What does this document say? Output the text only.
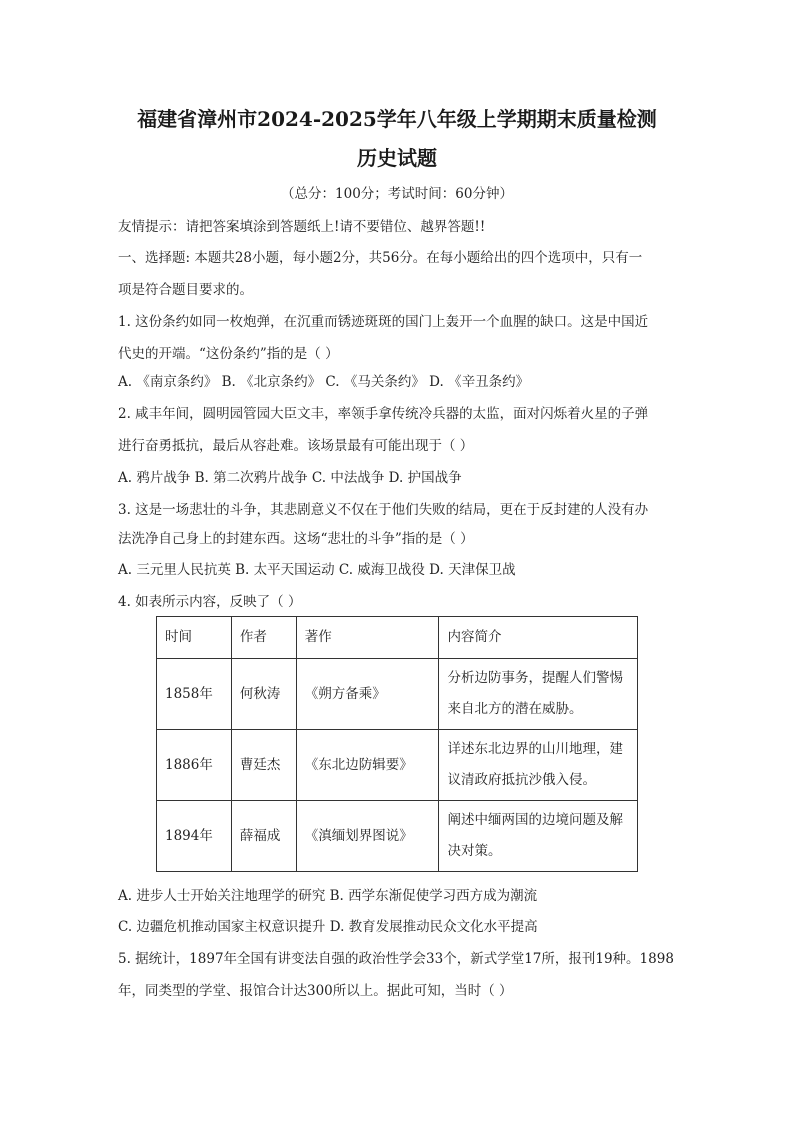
福建省漳州市2024-2025学年八年级上学期期末质量检测
历史试题
（总分：100分；考试时间：60分钟）
友情提示：请把答案填涂到答题纸上!请不要错位、越界答题!!
一、选择题: 本题共28小题，每小题2分，共56分。在每小题给出的四个选项中，只有一
项是符合题目要求的。
1. 这份条约如同一枚炮弹，在沉重而锈迹斑斑的国门上轰开一个血腥的缺口。这是中国近
代史的开端。“这份条约”指的是（ ）
A. 《南京条约》 B. 《北京条约》 C. 《马关条约》 D. 《辛丑条约》
2. 咸丰年间，圆明园管园大臣文丰，率领手拿传统冷兵器的太监，面对闪烁着火星的子弹
进行奋勇抵抗，最后从容赴难。该场景最有可能出现于（ ）
A. 鸦片战争 B. 第二次鸦片战争 C. 中法战争 D. 护国战争
3. 这是一场悲壮的斗争，其悲剧意义不仅在于他们失败的结局，更在于反封建的人没有办
法洗净自己身上的封建东西。这场“悲壮的斗争”指的是（ ）
A. 三元里人民抗英 B. 太平天国运动 C. 威海卫战役 D. 天津保卫战
4. 如表所示内容，反映了（ ）
时间	作者	著作	内容简介
1858年	何秋涛	《朔方备乘》	分析边防事务，提醒人们警惕来自北方的潜在威胁。
1886年	曹廷杰	《东北边防辑要》	详述东北边界的山川地理，建议清政府抵抗沙俄入侵。
1894年	薛福成	《滇缅划界图说》	阐述中缅两国的边境问题及解决对策。
A. 进步人士开始关注地理学的研究 B. 西学东渐促使学习西方成为潮流
C. 边疆危机推动国家主权意识提升 D. 教育发展推动民众文化水平提高
5. 据统计，1897年全国有讲变法自强的政治性学会33个，新式学堂17所，报刊19种。1898
年，同类型的学堂、报馆合计达300所以上。据此可知，当时（ ）
